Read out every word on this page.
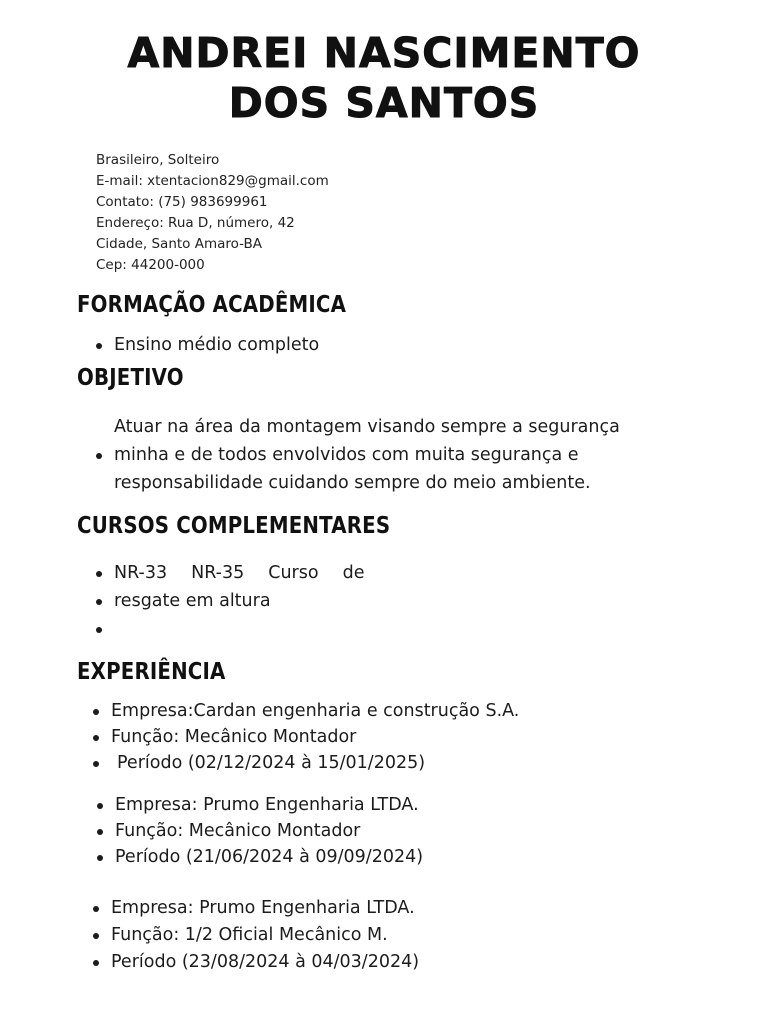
ANDREI NASCIMENTO
DOS SANTOS
Brasileiro, Solteiro
E-mail: xtentacion829@gmail.com
Contato: (75) 983699961
Endereço: Rua D, número, 42
Cidade, Santo Amaro-BA
Cep: 44200-000
FORMAÇÃO ACADÊMICA
Ensino médio completo
OBJETIVO
Atuar na área da montagem visando sempre a segurança minha e de todos envolvidos com muita segurança e responsabilidade cuidando sempre do meio ambiente.
CURSOS COMPLEMENTARES
NR-33 NR-35 Curso de
resgate em altura
EXPERIÊNCIA
Empresa:Cardan engenharia e construção S.A.
Função: Mecânico Montador
Período (02/12/2024 à 15/01/2025)
Empresa: Prumo Engenharia LTDA.
Função: Mecânico Montador
Período (21/06/2024 à 09/09/2024)
Empresa: Prumo Engenharia LTDA.
Função: 1/2 Oficial Mecânico M.
Período (23/08/2024 à 04/03/2024)
